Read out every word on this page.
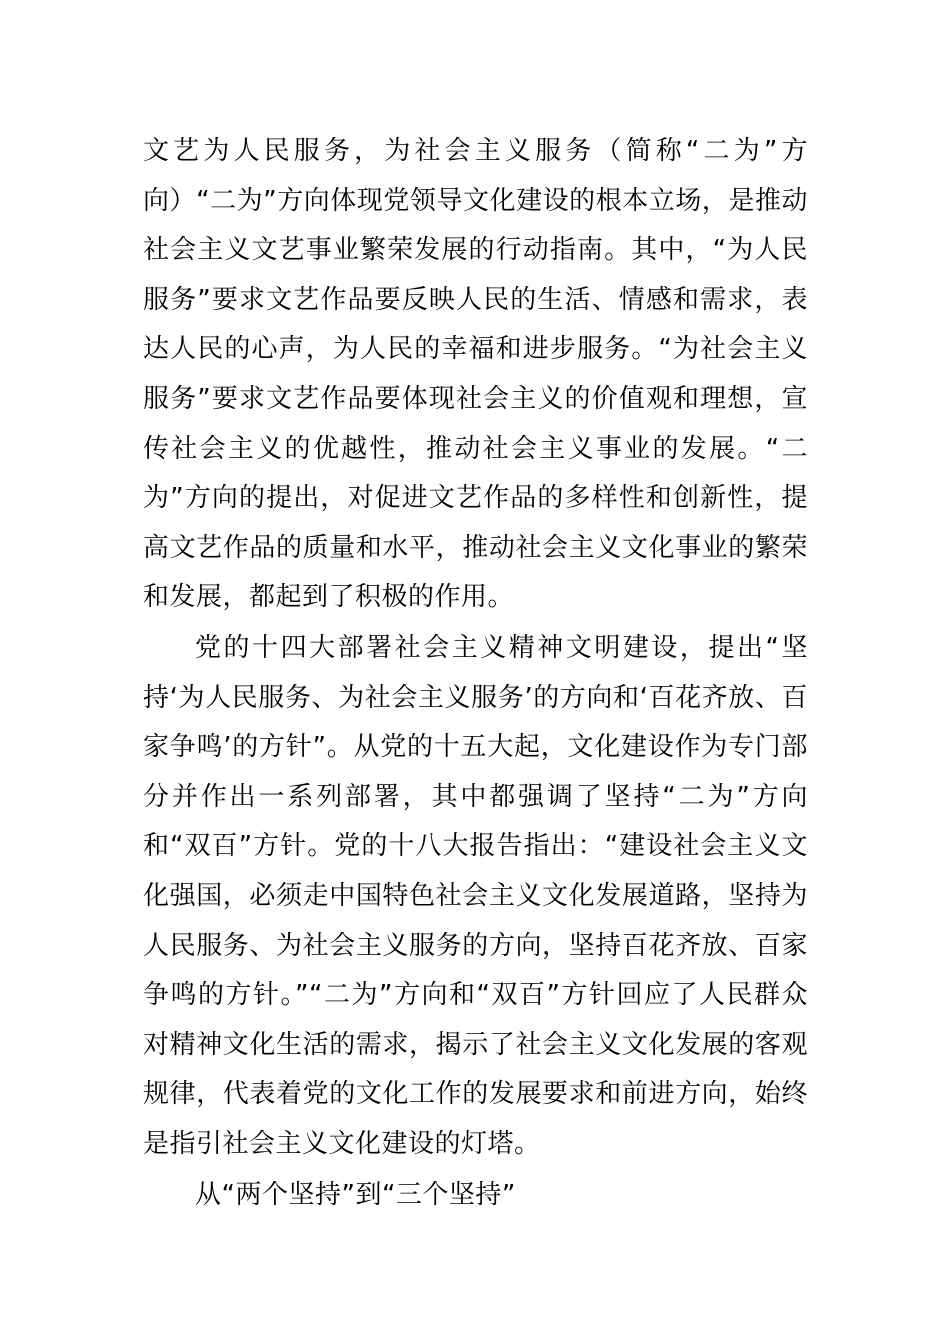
文艺为人民服务，为社会主义服务（简称“二为”方向）“二为”方向体现党领导文化建设的根本立场，是推动社会主义文艺事业繁荣发展的行动指南。其中，“为人民服务”要求文艺作品要反映人民的生活、情感和需求，表达人民的心声，为人民的幸福和进步服务。“为社会主义服务”要求文艺作品要体现社会主义的价值观和理想，宣传社会主义的优越性，推动社会主义事业的发展。“二为”方向的提出，对促进文艺作品的多样性和创新性，提高文艺作品的质量和水平，推动社会主义文化事业的繁荣和发展，都起到了积极的作用。

党的十四大部署社会主义精神文明建设，提出“坚持‘为人民服务、为社会主义服务’的方向和‘百花齐放、百家争鸣’的方针”。从党的十五大起，文化建设作为专门部分并作出一系列部署，其中都强调了坚持“二为”方向和“双百”方针。党的十八大报告指出：“建设社会主义文化强国，必须走中国特色社会主义文化发展道路，坚持为人民服务、为社会主义服务的方向，坚持百花齐放、百家争鸣的方针。”“二为”方向和“双百”方针回应了人民群众对精神文化生活的需求，揭示了社会主义文化发展的客观规律，代表着党的文化工作的发展要求和前进方向，始终是指引社会主义文化建设的灯塔。

从“两个坚持”到“三个坚持”
